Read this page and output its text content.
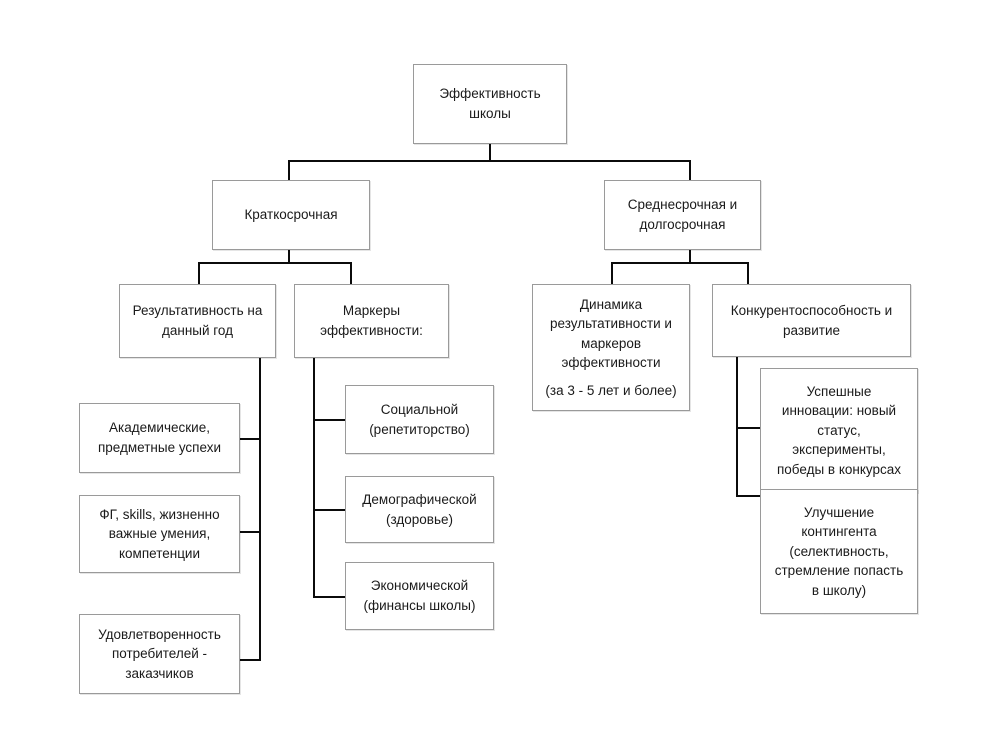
Эффективность
школы
Краткосрочная
Среднесрочная и
долгосрочная
Результативность на
данный год
Маркеры
эффективности:
Динамика
результативности и
маркеров
эффективности
(за 3 - 5 лет и более)
Конкурентоспособность и
развитие
Академические,
предметные успехи
ФГ, skills, жизненно
важные умения,
компетенции
Удовлетворенность
потребителей -
заказчиков
Социальной
(репетиторство)
Демографической
(здоровье)
Экономической
(финансы школы)
Успешные
инновации: новый
статус,
эксперименты,
победы в конкурсах
Улучшение
контингента
(селективность,
стремление попасть
в школу)
